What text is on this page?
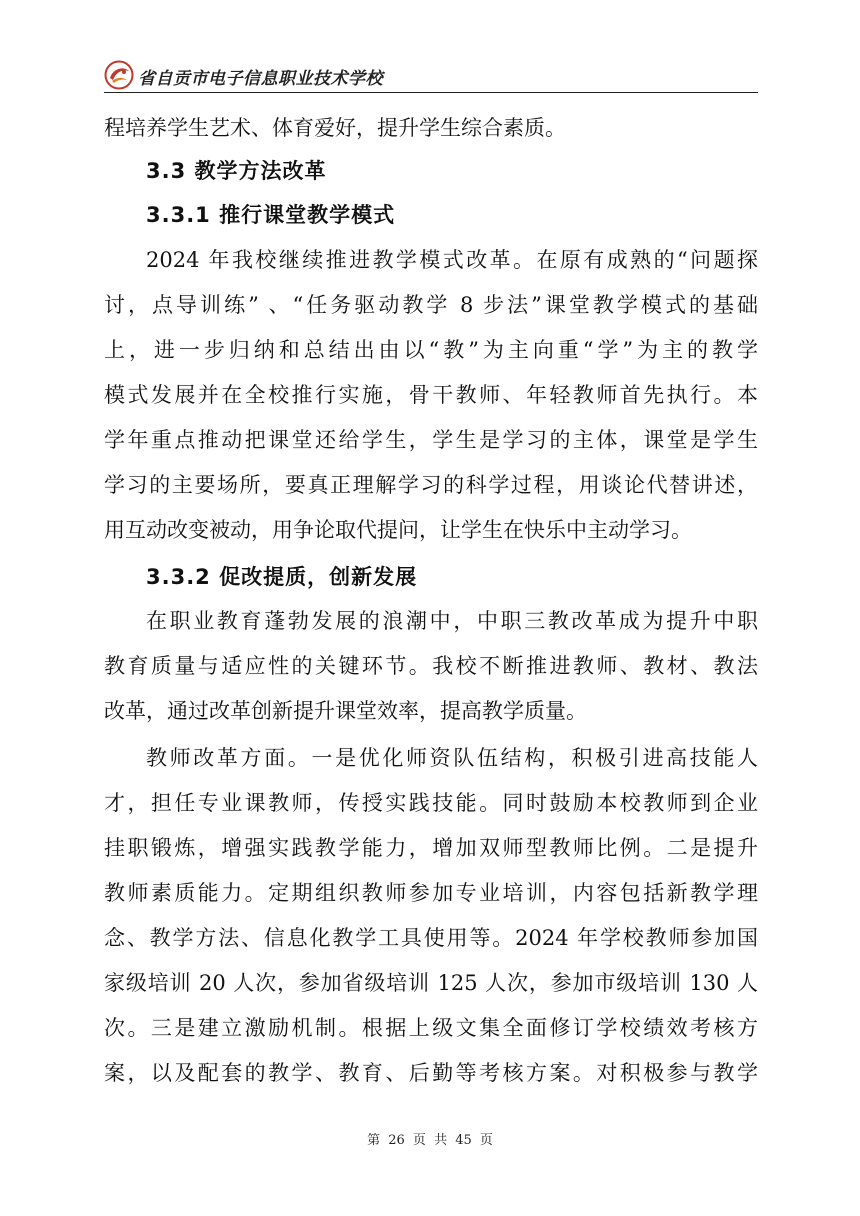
省自贡市电子信息职业技术学校
程培养学生艺术、体育爱好，提升学生综合素质。
3.3 教学方法改革
3.3.1 推行课堂教学模式
2024 年我校继续推进教学模式改革。在原有成熟的“问题探
讨，点导训练” 、“任务驱动教学 8 步法”课堂教学模式的基础
上，进一步归纳和总结出由以“教”为主向重“学”为主的教学
模式发展并在全校推行实施，骨干教师、年轻教师首先执行。本
学年重点推动把课堂还给学生，学生是学习的主体，课堂是学生
学习的主要场所，要真正理解学习的科学过程，用谈论代替讲述，
用互动改变被动，用争论取代提问，让学生在快乐中主动学习。
3.3.2 促改提质，创新发展
在职业教育蓬勃发展的浪潮中，中职三教改革成为提升中职
教育质量与适应性的关键环节。我校不断推进教师、教材、教法
改革，通过改革创新提升课堂效率，提高教学质量。
教师改革方面。一是优化师资队伍结构，积极引进高技能人
才，担任专业课教师，传授实践技能。同时鼓励本校教师到企业
挂职锻炼，增强实践教学能力，增加双师型教师比例。二是提升
教师素质能力。定期组织教师参加专业培训，内容包括新教学理
念、教学方法、信息化教学工具使用等。2024 年学校教师参加国
家级培训 20 人次，参加省级培训 125 人次，参加市级培训 130 人
次。三是建立激励机制。根据上级文集全面修订学校绩效考核方
案，以及配套的教学、教育、后勤等考核方案。对积极参与教学
第 26 页 共 45 页
